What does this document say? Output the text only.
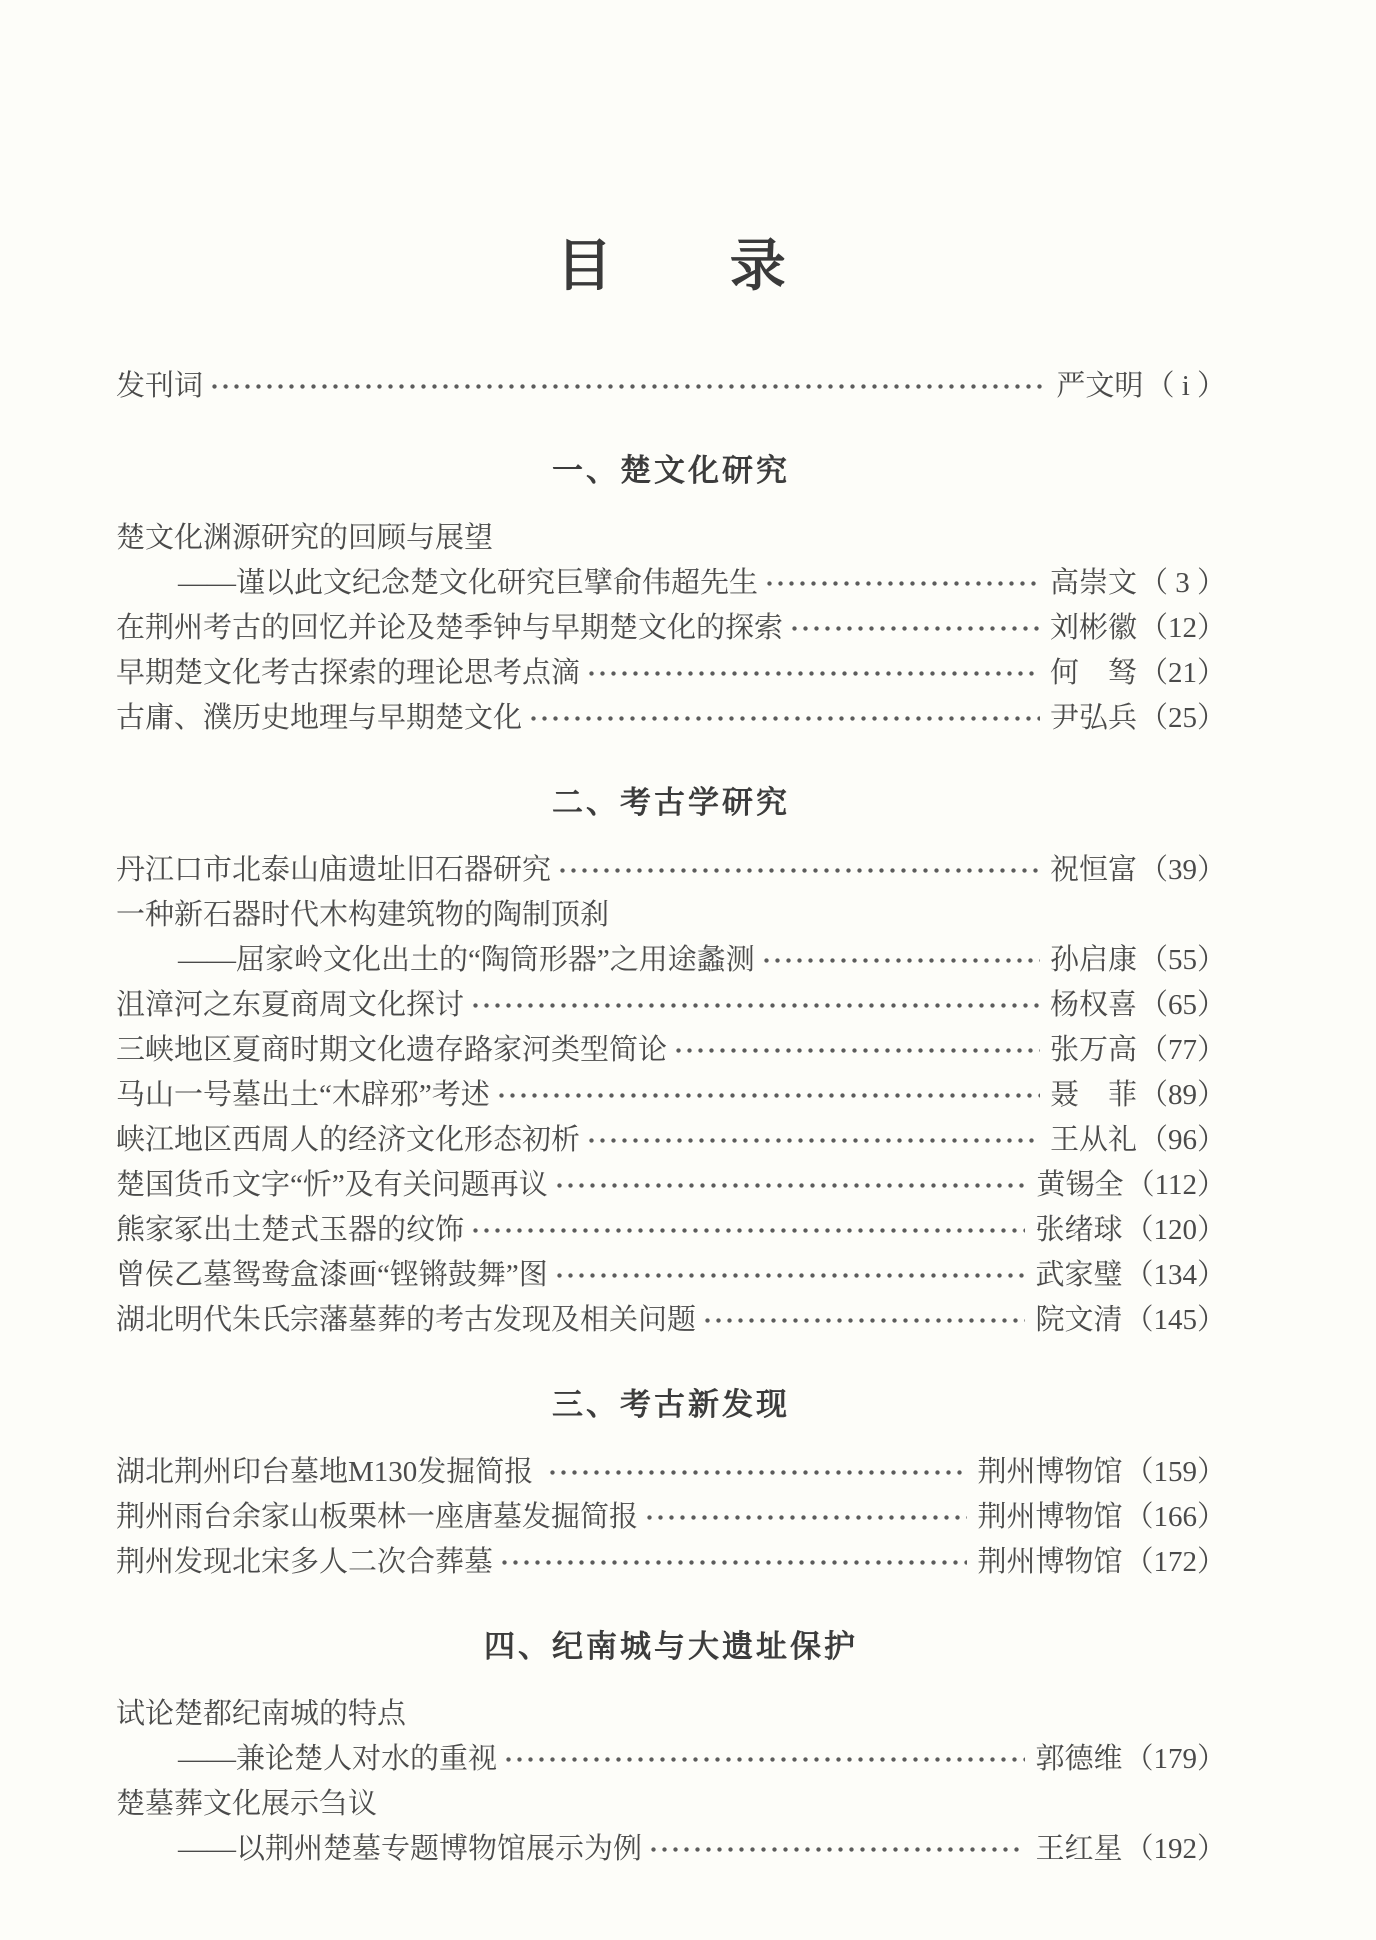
目　录
发刊词	严文明 （ i ）
一、楚文化研究
楚文化渊源研究的回顾与展望
——谨以此文纪念楚文化研究巨擘俞伟超先生	高崇文 （ 3 ）
在荆州考古的回忆并论及楚季钟与早期楚文化的探索	刘彬徽 （12）
早期楚文化考古探索的理论思考点滴	何　驽 （21）
古庸、濮历史地理与早期楚文化	尹弘兵 （25）
二、考古学研究
丹江口市北泰山庙遗址旧石器研究	祝恒富 （39）
一种新石器时代木构建筑物的陶制顶刹
——屈家岭文化出土的“陶筒形器”之用途蠡测	孙启康 （55）
沮漳河之东夏商周文化探讨	杨权喜 （65）
三峡地区夏商时期文化遗存路家河类型简论	张万高 （77）
马山一号墓出土“木辟邪”考述	聂　菲 （89）
峡江地区西周人的经济文化形态初析	王从礼 （96）
楚国货币文字“忻”及有关问题再议	黄锡全 （112）
熊家冢出土楚式玉器的纹饰	张绪球 （120）
曾侯乙墓鸳鸯盒漆画“铿锵鼓舞”图	武家璧 （134）
湖北明代朱氏宗藩墓葬的考古发现及相关问题	院文清 （145）
三、考古新发现
湖北荆州印台墓地M130发掘简报	荆州博物馆 （159）
荆州雨台余家山板栗林一座唐墓发掘简报	荆州博物馆 （166）
荆州发现北宋多人二次合葬墓	荆州博物馆 （172）
四、纪南城与大遗址保护
试论楚都纪南城的特点
——兼论楚人对水的重视	郭德维 （179）
楚墓葬文化展示刍议
——以荆州楚墓专题博物馆展示为例	王红星 （192）
